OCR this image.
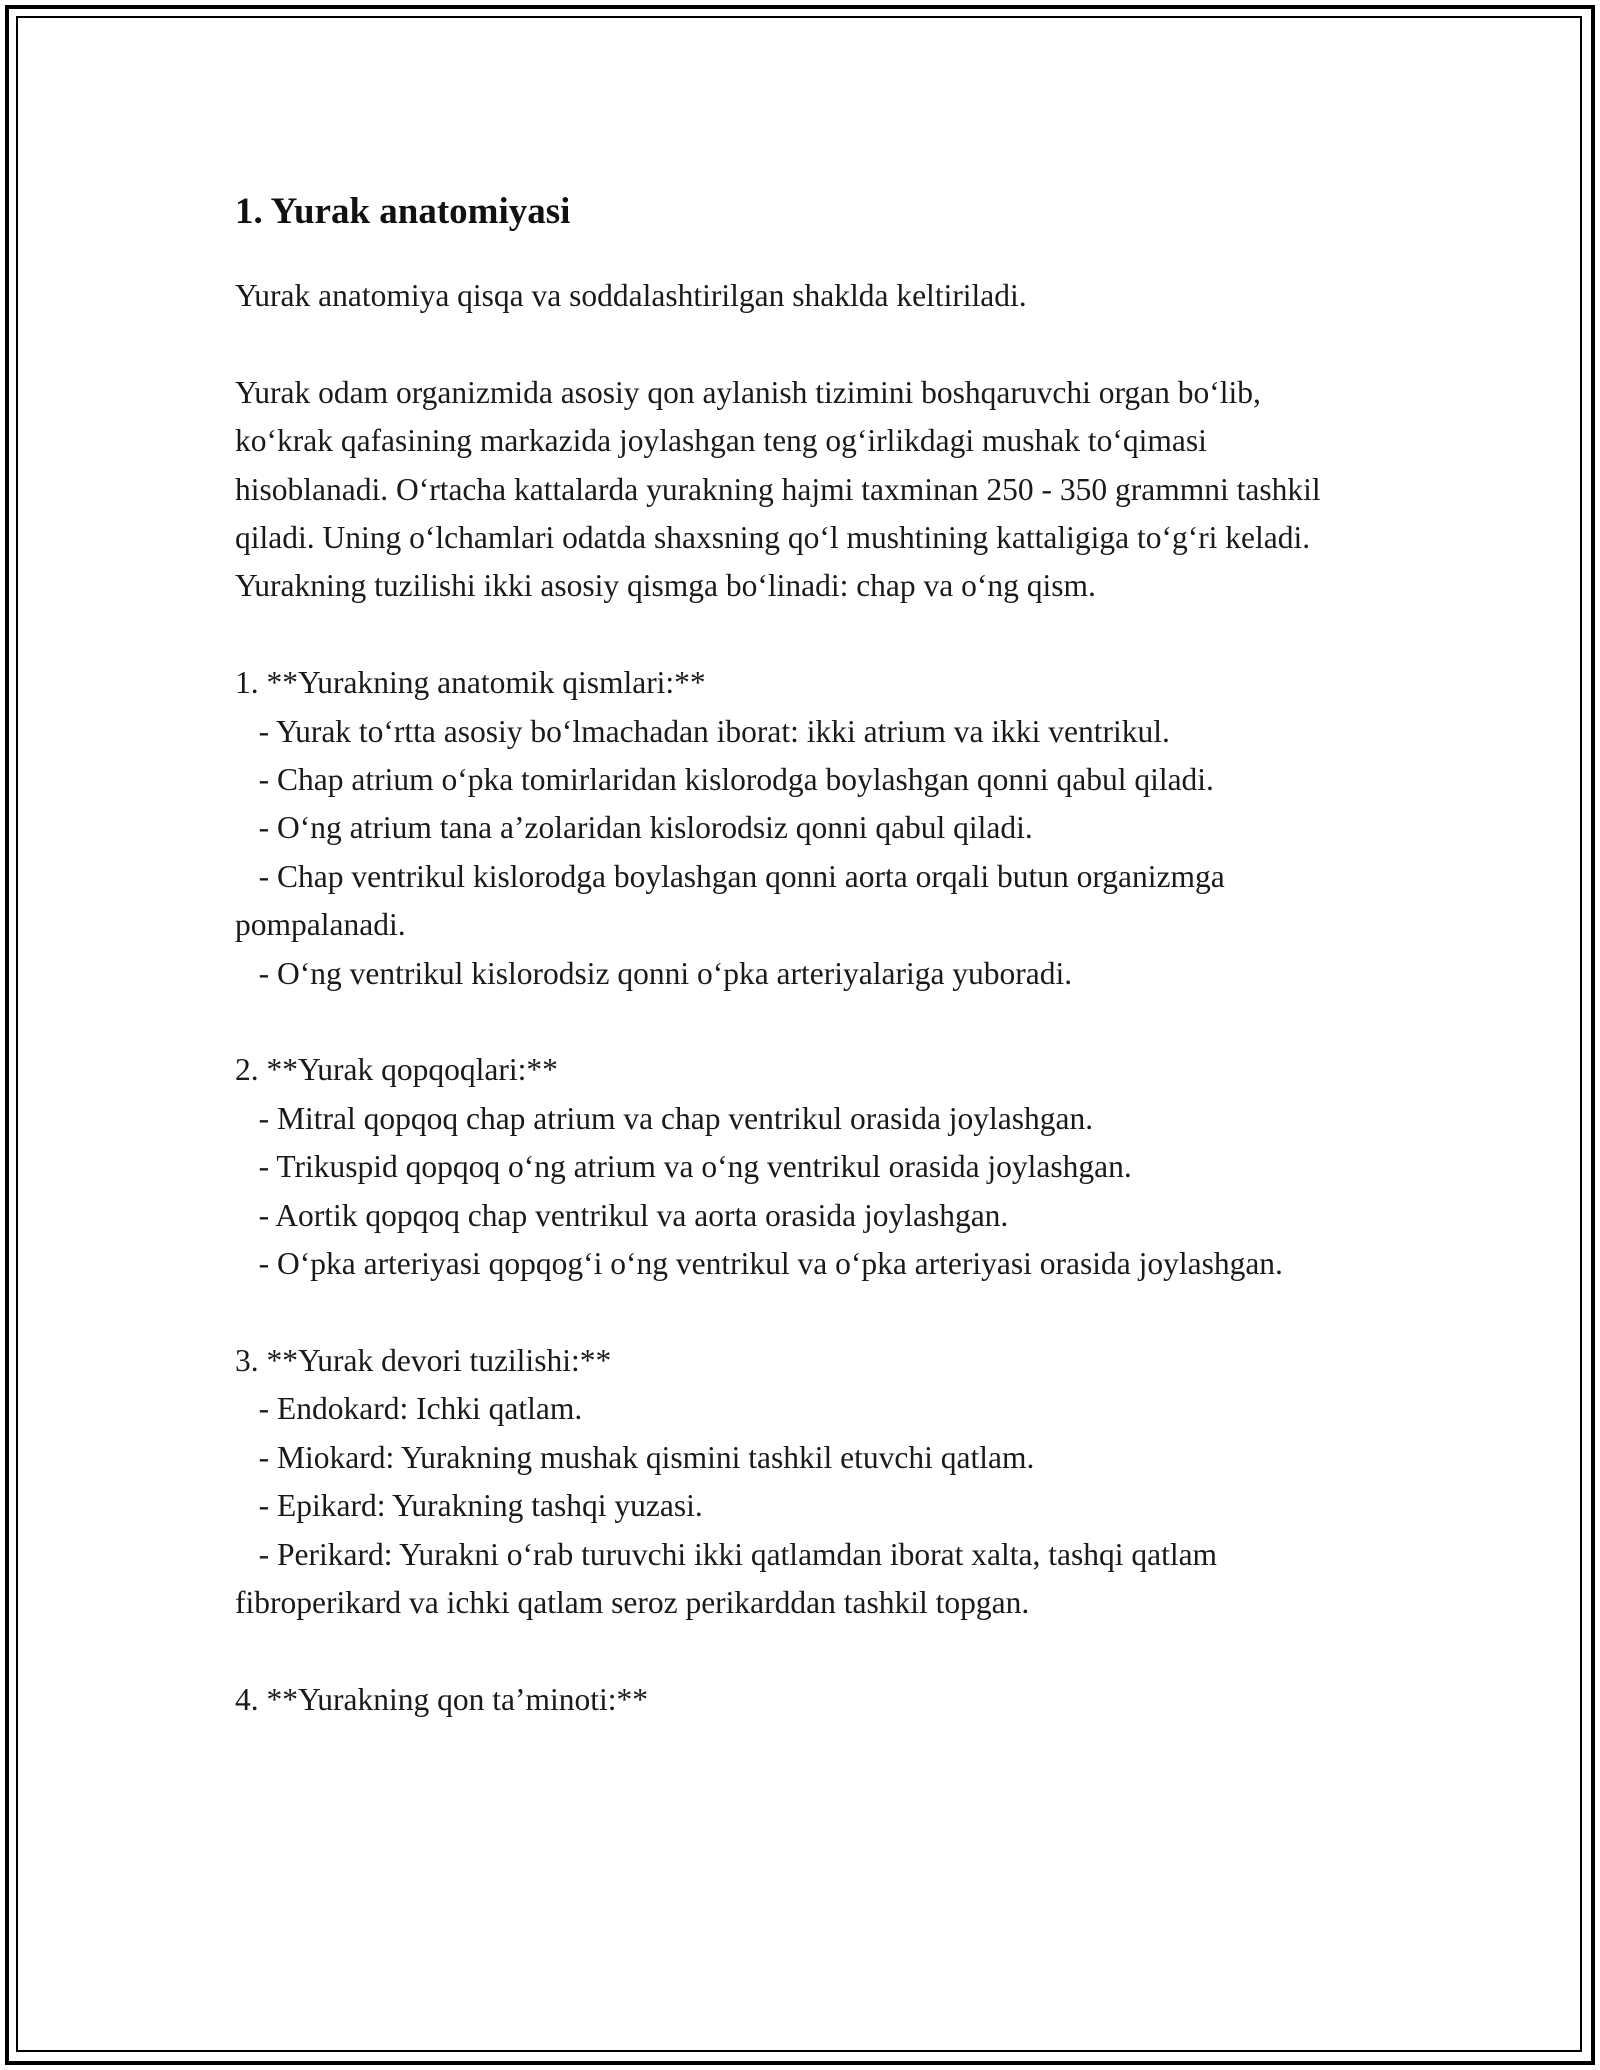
1. Yurak anatomiyasi

Yurak anatomiya qisqa va soddalashtirilgan shaklda keltiriladi.

Yurak odam organizmida asosiy qon aylanish tizimini boshqaruvchi organ bo‘lib, ko‘krak qafasining markazida joylashgan teng og‘irlikdagi mushak to‘qimasi hisoblanadi. O‘rtacha kattalarda yurakning hajmi taxminan 250 - 350 grammni tashkil qiladi. Uning o‘lchamlari odatda shaxsning qo‘l mushtining kattaligiga to‘g‘ri keladi. Yurakning tuzilishi ikki asosiy qismga bo‘linadi: chap va o‘ng qism.

1. **Yurakning anatomik qismlari:**

- Yurak to‘rtta asosiy bo‘lmachadan iborat: ikki atrium va ikki ventrikul.

- Chap atrium o‘pka tomirlaridan kislorodga boylashgan qonni qabul qiladi.

- O‘ng atrium tana a’zolaridan kislorodsiz qonni qabul qiladi.

- Chap ventrikul kislorodga boylashgan qonni aorta orqali butun organizmga pompalanadi.

- O‘ng ventrikul kislorodsiz qonni o‘pka arteriyalariga yuboradi.

2. **Yurak qopqoqlari:**

- Mitral qopqoq chap atrium va chap ventrikul orasida joylashgan.

- Trikuspid qopqoq o‘ng atrium va o‘ng ventrikul orasida joylashgan.

- Aortik qopqoq chap ventrikul va aorta orasida joylashgan.

- O‘pka arteriyasi qopqog‘i o‘ng ventrikul va o‘pka arteriyasi orasida joylashgan.

3. **Yurak devori tuzilishi:**

- Endokard: Ichki qatlam.

- Miokard: Yurakning mushak qismini tashkil etuvchi qatlam.

- Epikard: Yurakning tashqi yuzasi.

- Perikard: Yurakni o‘rab turuvchi ikki qatlamdan iborat xalta, tashqi qatlam fibroperikard va ichki qatlam seroz perikarddan tashkil topgan.

4. **Yurakning qon ta’minoti:**
